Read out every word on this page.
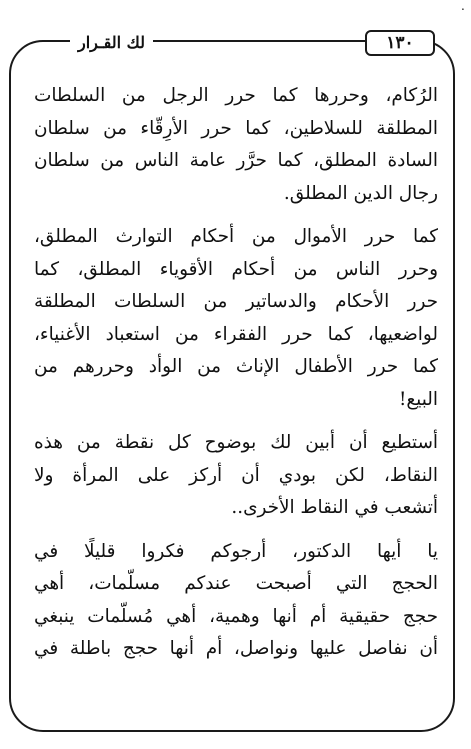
.
لك القـرار	١٣٠

الرُكام، وحررها كما حرر الرجل من السلطات
المطلقة للسلاطين، كما حرر الأرِقّاء من سلطان
السادة المطلق، كما حرَّر عامة الناس من سلطان
رجال الدين المطلق.

كما حرر الأموال من أحكام التوارث المطلق،
وحرر الناس من أحكام الأقوياء المطلق، كما
حرر الأحكام والدساتير من السلطات المطلقة
لواضعيها، كما حرر الفقراء من استعباد الأغنياء،
كما حرر الأطفال الإناث من الوأد وحررهم من
البيع!

أستطيع أن أبين لك بوضوح كل نقطة من هذه
النقاط، لكن بودي أن أركز على المرأة ولا
أتشعب في النقاط الأخرى..

يا أيها الدكتور، أرجوكم فكروا قليلًا في
الحجج التي أصبحت عندكم مسلّمات، أهي
حجج حقيقية أم أنها وهمية، أهي مُسلّمات ينبغي
أن نفاصل عليها ونواصل، أم أنها حجج باطلة في
